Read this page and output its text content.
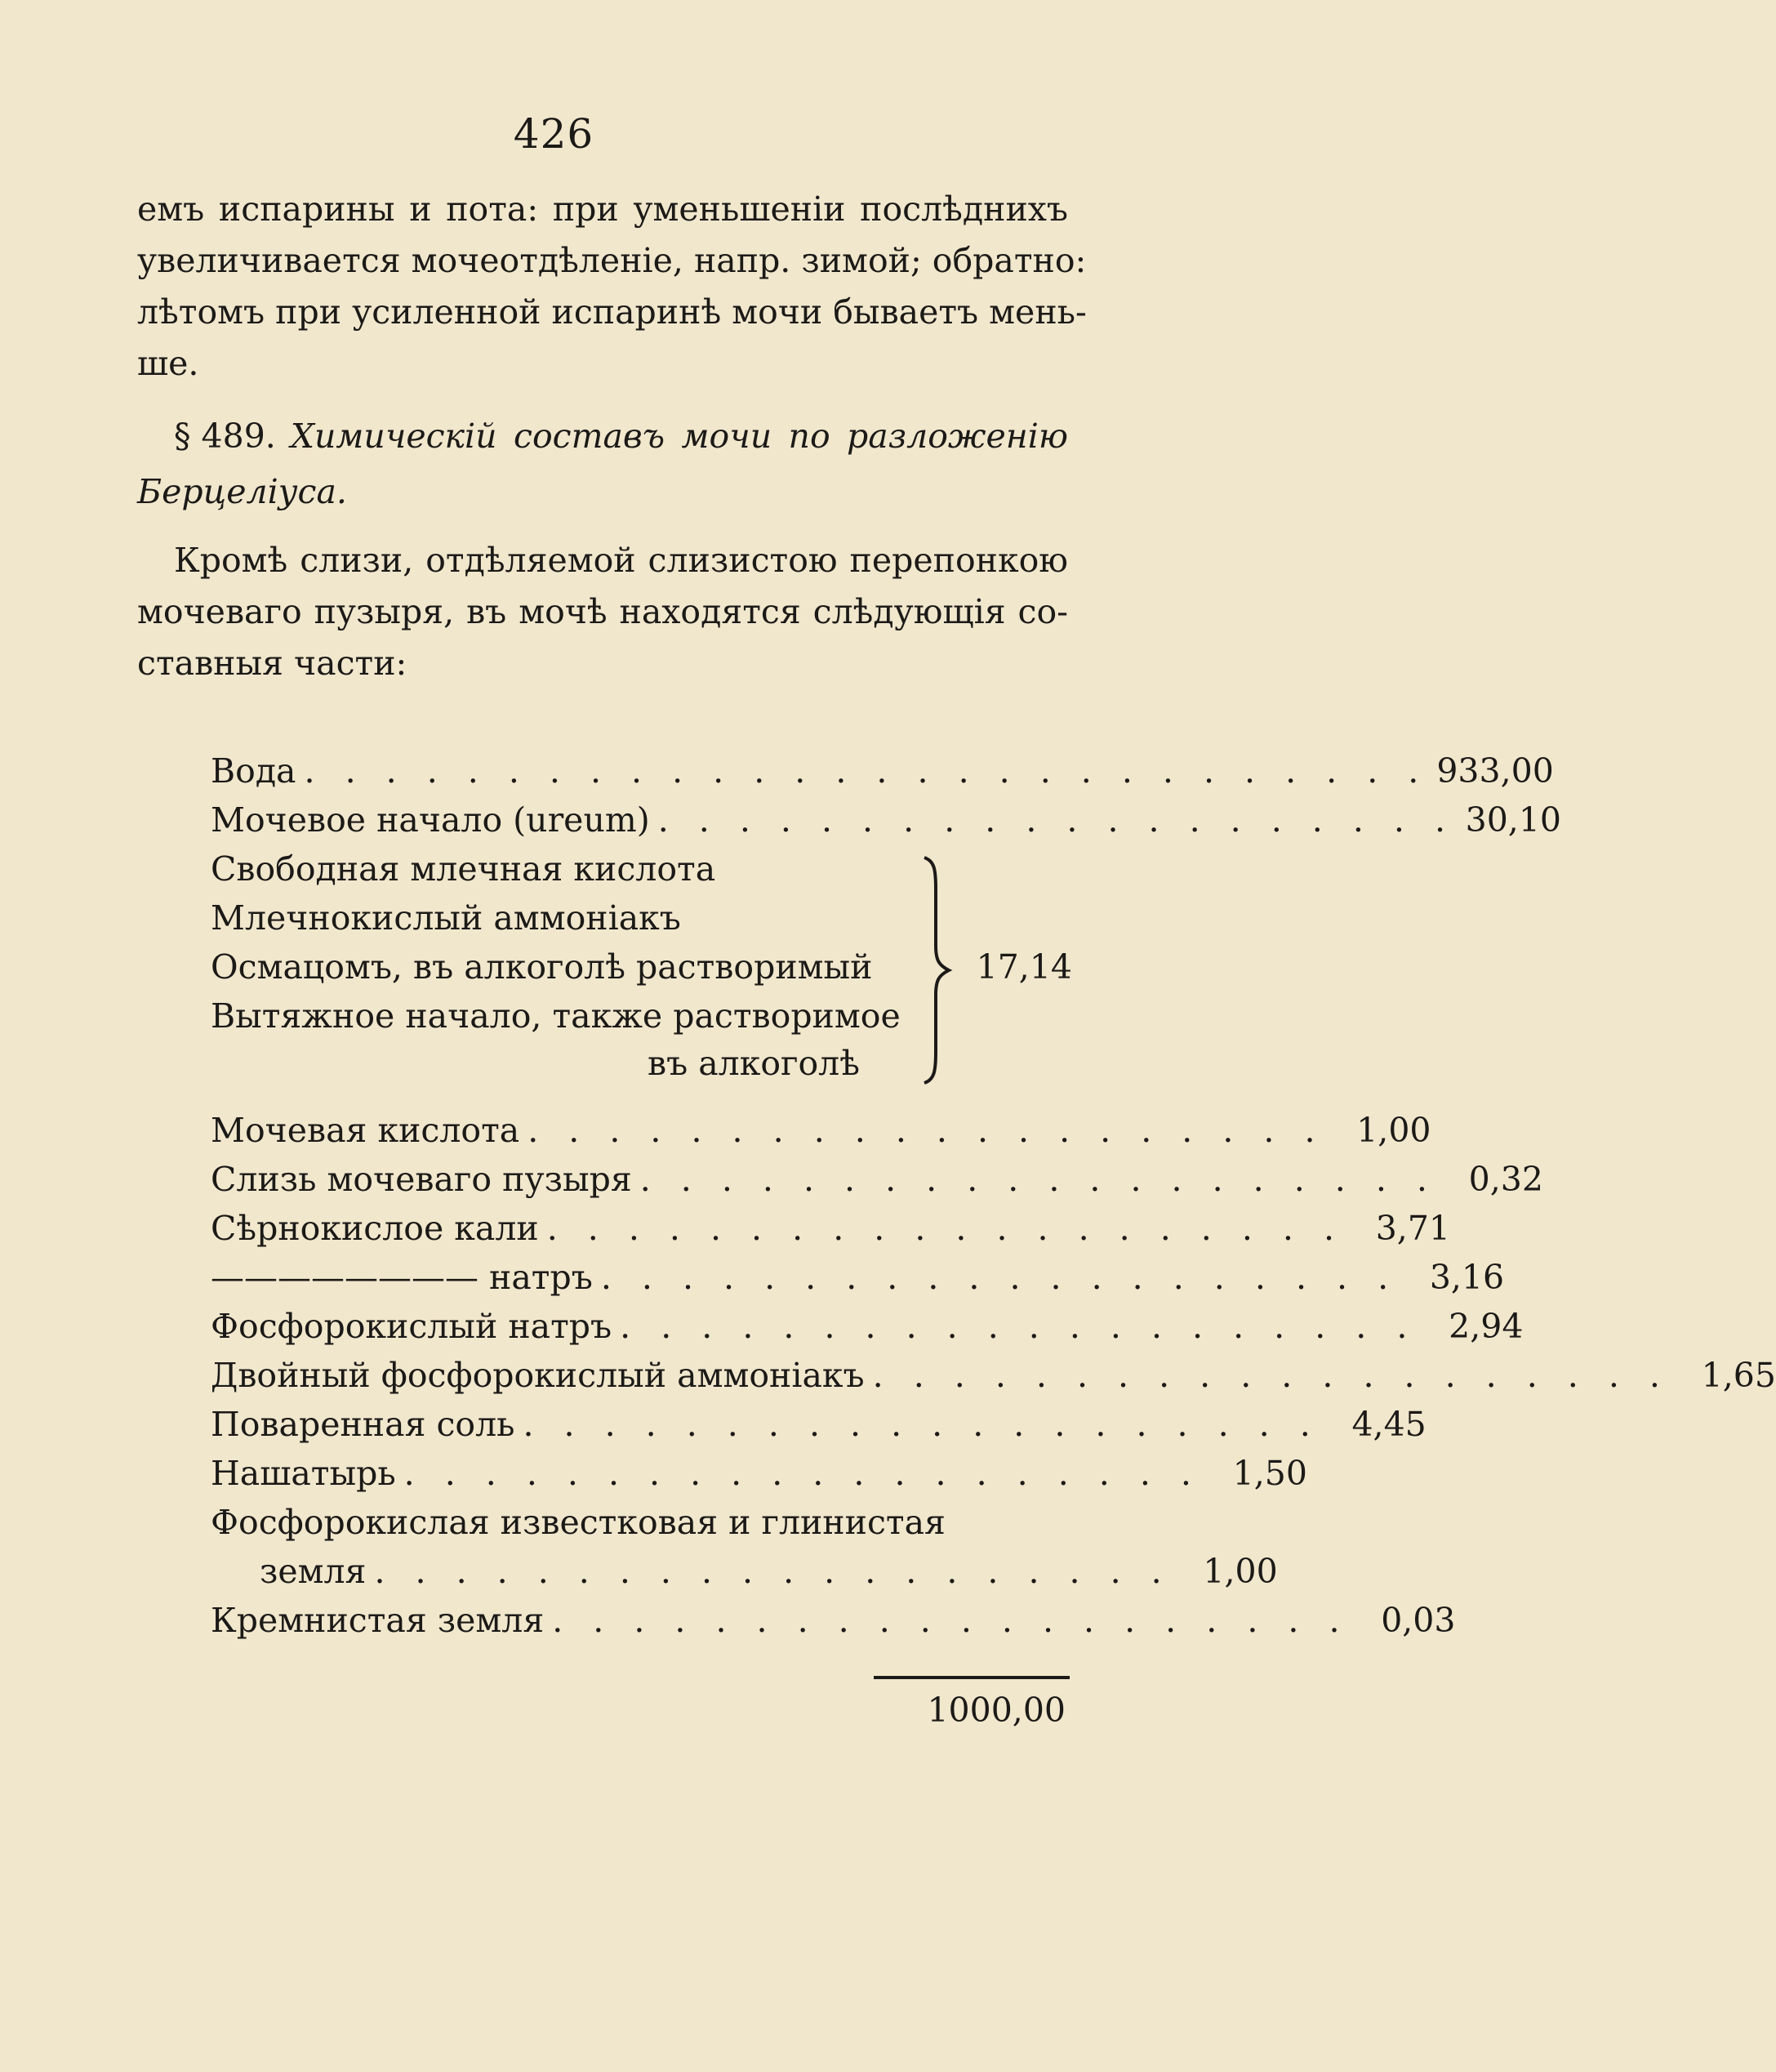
426
емъ испарины и пота: при уменьшеніи послѣднихъ
увеличивается мочеотдѣленіе, напр. зимой; обратно:
лѣтомъ при усиленной испаринѣ мочи бываетъ мень-
ше.
§ 489. Химическій составъ мочи по разложенію
Берцеліуса.
Кромѣ слизи, отдѣляемой слизистою перепонкою
мочеваго пузыря, въ мочѣ находятся слѣдующія со-
ставныя части:
Вода . . . . . . . . . . . . . . . . . . . . . . . . . . . . 933,00
Мочевое начало (ureum) . . . . . . . . . . . . . . . . . . . . 30,10
Свободная млечная кислота
Млечнокислый аммоніакъ
Осмацомъ, въ алкоголѣ растворимый
Вытяжное начало, также растворимое
въ алкоголѣ
17,14
Мочевая кислота . . . . . . . . . . . . . . . . . . . . 1,00
Слизь мочеваго пузыря . . . . . . . . . . . . . . . . . . . . 0,32
Сѣрнокислое кали . . . . . . . . . . . . . . . . . . . . 3,71
———————— натръ . . . . . . . . . . . . . . . . . . . . 3,16
Фосфорокислый натръ . . . . . . . . . . . . . . . . . . . . 2,94
Двойный фосфорокислый аммоніакъ . . . . . . . . . . . . . . . . . . . . 1,65
Поваренная соль . . . . . . . . . . . . . . . . . . . . 4,45
Нашатырь . . . . . . . . . . . . . . . . . . . . 1,50
Фосфорокислая известковая и глинистая
земля . . . . . . . . . . . . . . . . . . . . 1,00
Кремнистая земля . . . . . . . . . . . . . . . . . . . . 0,03
1000,00
